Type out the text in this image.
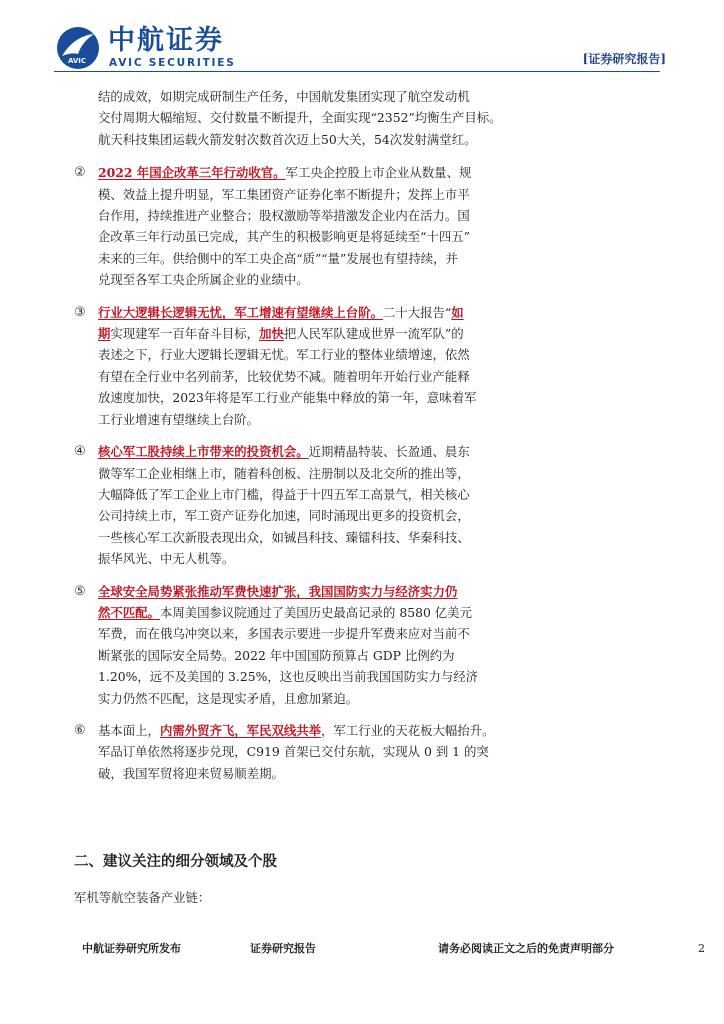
AVIC
中航证券
AVIC SECURITIES	[证券研究报告]
结的成效，如期完成研制生产任务，中国航发集团实现了航空发动机
交付周期大幅缩短、交付数量不断提升，全面实现“2352”均衡生产目标。
航天科技集团运载火箭发射次数首次迈上50大关，54次发射满堂红。
② 2022 年国企改革三年行动收官。军工央企控股上市企业从数量、规
模、效益上提升明显，军工集团资产证券化率不断提升；发挥上市平
台作用，持续推进产业整合；股权激励等举措激发企业内在活力。国
企改革三年行动虽已完成，其产生的积极影响更是将延续至“十四五”
未来的三年。供给侧中的军工央企高“质”“量”发展也有望持续，并
兑现至各军工央企所属企业的业绩中。
③ 行业大逻辑长逻辑无忧，军工增速有望继续上台阶。二十大报告“如
期实现建军一百年奋斗目标，加快把人民军队建成世界一流军队”的
表述之下，行业大逻辑长逻辑无忧。军工行业的整体业绩增速，依然
有望在全行业中名列前茅，比较优势不减。随着明年开始行业产能释
放速度加快，2023年将是军工行业产能集中释放的第一年，意味着军
工行业增速有望继续上台阶。
④ 核心军工股持续上市带来的投资机会。近期精晶特装、长盈通、晨东
微等军工企业相继上市，随着科创板、注册制以及北交所的推出等，
大幅降低了军工企业上市门槛，得益于十四五军工高景气，相关核心
公司持续上市，军工资产证券化加速，同时涌现出更多的投资机会，
一些核心军工次新股表现出众，如铖昌科技、臻镭科技、华秦科技、
振华风光、中无人机等。
⑤ 全球安全局势紧张推动军费快速扩张，我国国防实力与经济实力仍
然不匹配。本周美国参议院通过了美国历史最高记录的 8580 亿美元
军费，而在俄乌冲突以来，多国表示要进一步提升军费来应对当前不
断紧张的国际安全局势。2022 年中国国防预算占 GDP 比例约为
1.20%，远不及美国的 3.25%，这也反映出当前我国国防实力与经济
实力仍然不匹配，这是现实矛盾，且愈加紧迫。
⑥ 基本面上，内需外贸齐飞，军民双线共举，军工行业的天花板大幅抬升。
军品订单依然将逐步兑现，C919 首架已交付东航，实现从 0 到 1 的突
破，我国军贸将迎来贸易顺差期。
二、建议关注的细分领域及个股
军机等航空装备产业链：
中航证券研究所发布	证券研究报告	请务必阅读正文之后的免责声明部分	2
